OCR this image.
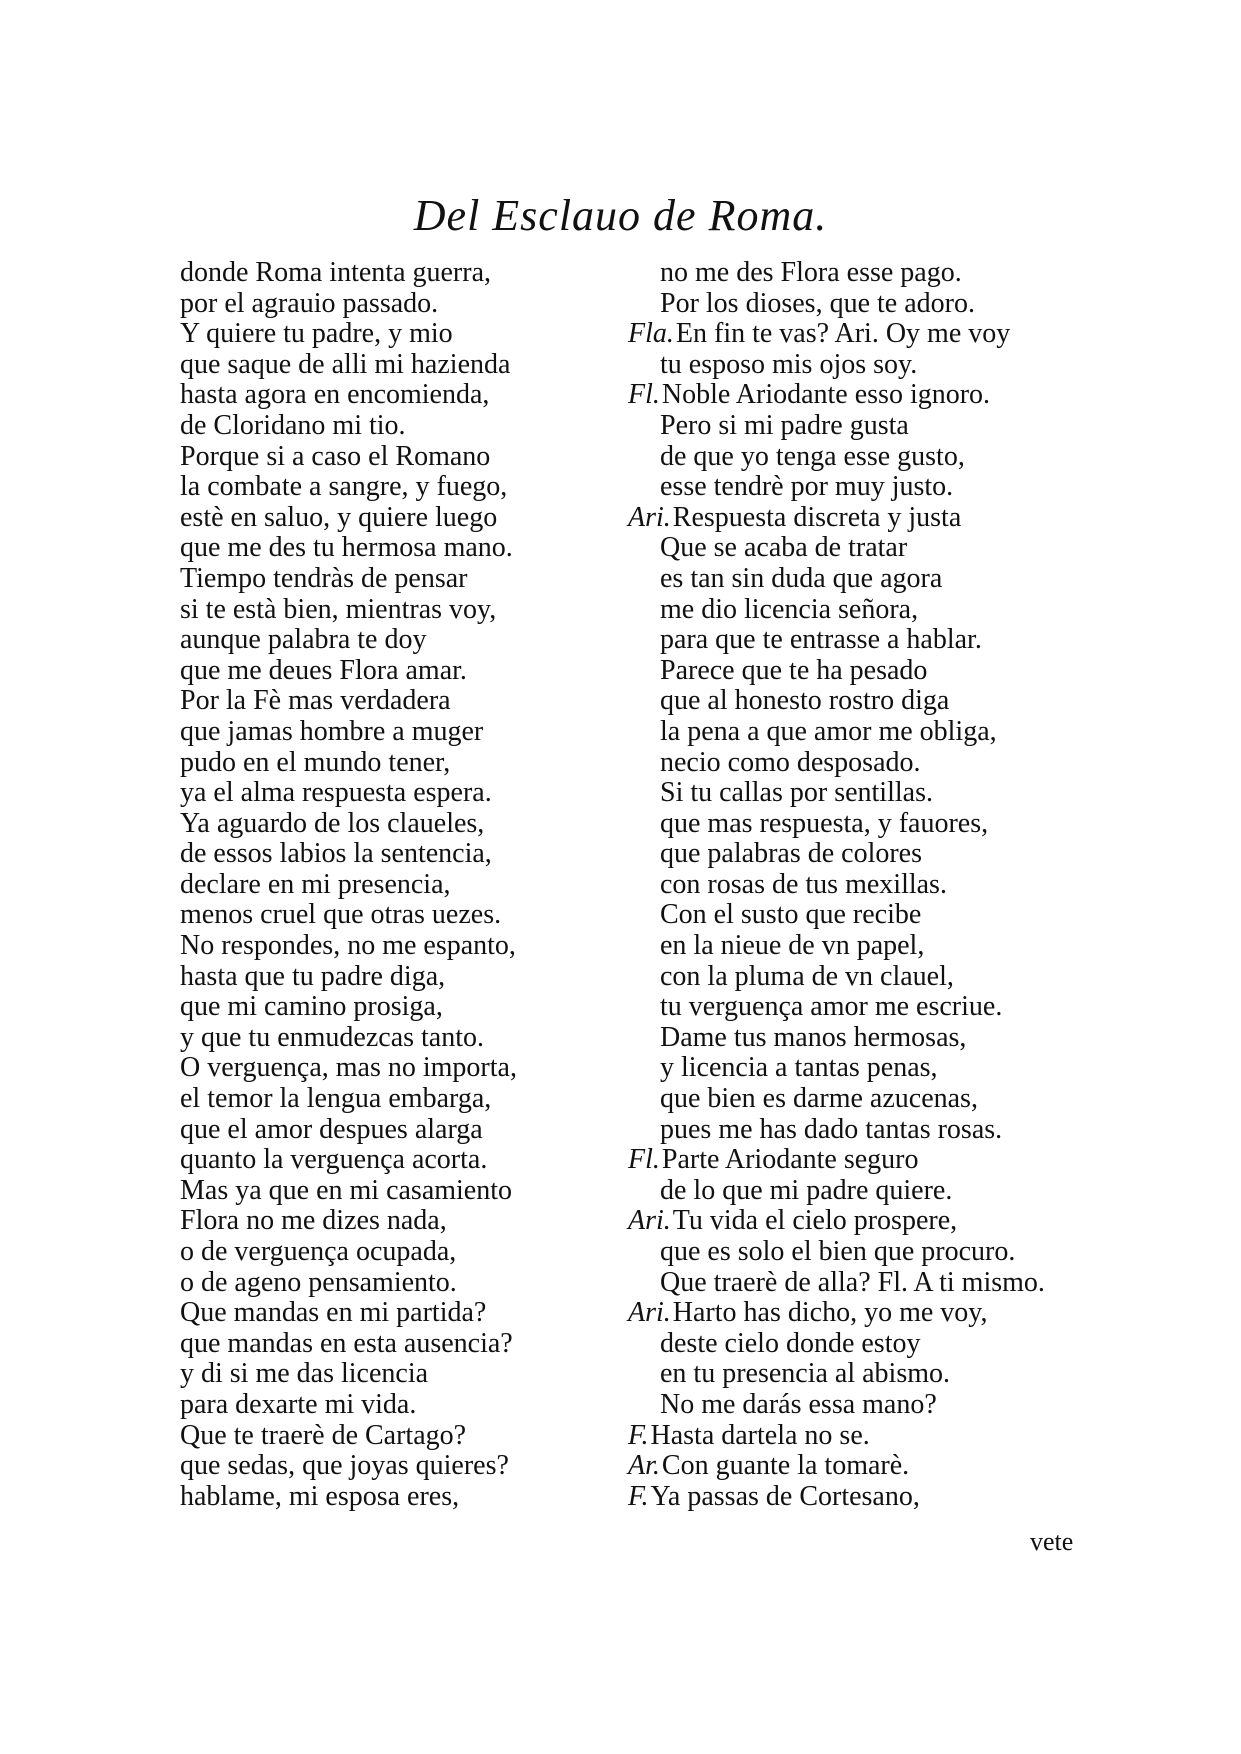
Del Esclauo de Roma.
donde Roma intenta guerra,
por el agrauio passado.
Y quiere tu padre, y mio
que saque de alli mi hazienda
hasta agora en encomienda,
de Cloridano mi tio.
Porque si a caso el Romano
la combate a sangre, y fuego,
estè en saluo, y quiere luego
que me des tu hermosa mano.
Tiempo tendràs de pensar
si te està bien, mientras voy,
aunque palabra te doy
que me deues Flora amar.
Por la Fè mas verdadera
que jamas hombre a muger
pudo en el mundo tener,
ya el alma respuesta espera.
Ya aguardo de los claueles,
de essos labios la sentencia,
declare en mi presencia,
menos cruel que otras uezes.
No respondes, no me espanto,
hasta que tu padre diga,
que mi camino prosiga,
y que tu enmudezcas tanto.
O verguença, mas no importa,
el temor la lengua embarga,
que el amor despues alarga
quanto la verguença acorta.
Mas ya que en mi casamiento
Flora no me dizes nada,
o de verguença ocupada,
o de ageno pensamiento.
Que mandas en mi partida?
que mandas en esta ausencia?
y di si me das licencia
para dexarte mi vida.
Que te traerè de Cartago?
que sedas, que joyas quieres?
hablame, mi esposa eres,
no me des Flora esse pago.
Por los dioses, que te adoro.
Fla.En fin te vas? Ari. Oy me voy
tu esposo mis ojos soy.
Fl.Noble Ariodante esso ignoro.
Pero si mi padre gusta
de que yo tenga esse gusto,
esse tendrè por muy justo.
Ari.Respuesta discreta y justa
Que se acaba de tratar
es tan sin duda que agora
me dio licencia señora,
para que te entrasse a hablar.
Parece que te ha pesado
que al honesto rostro diga
la pena a que amor me obliga,
necio como desposado.
Si tu callas por sentillas.
que mas respuesta, y fauores,
que palabras de colores
con rosas de tus mexillas.
Con el susto que recibe
en la nieue de vn papel,
con la pluma de vn clauel,
tu verguença amor me escriue.
Dame tus manos hermosas,
y licencia a tantas penas,
que bien es darme azucenas,
pues me has dado tantas rosas.
Fl.Parte Ariodante seguro
de lo que mi padre quiere.
Ari.Tu vida el cielo prospere,
que es solo el bien que procuro.
Que traerè de alla? Fl. A ti mismo.
Ari.Harto has dicho, yo me voy,
deste cielo donde estoy
en tu presencia al abismo.
No me darás essa mano?
F.Hasta dartela no se.
Ar.Con guante la tomarè.
F.Ya passas de Cortesano,
vete
